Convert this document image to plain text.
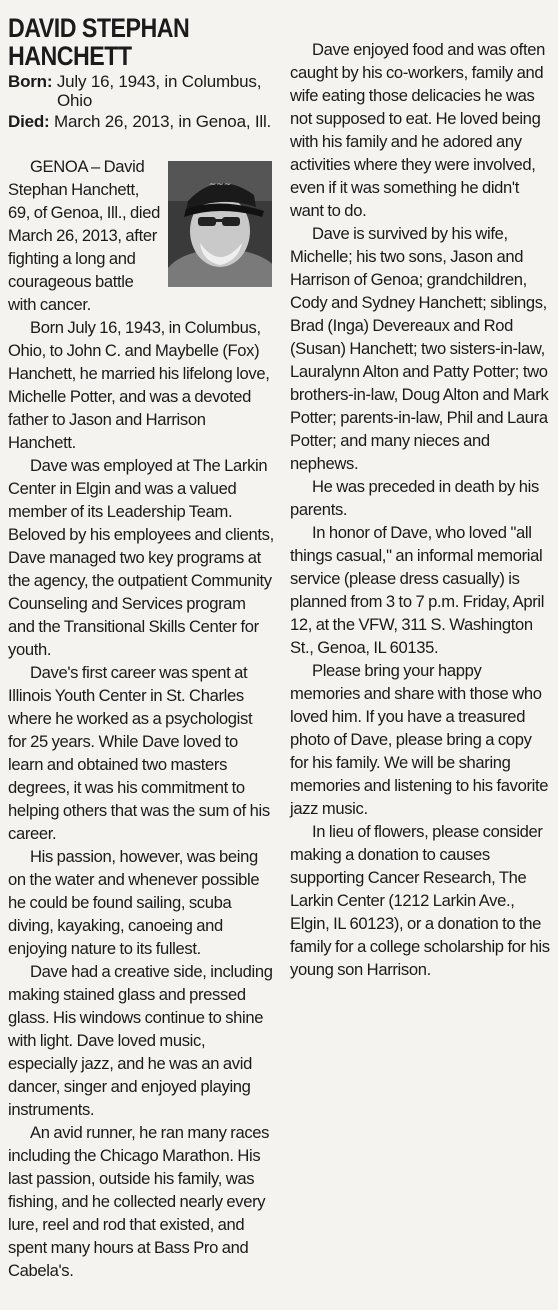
DAVID STEPHAN
HANCHETT
Born: July 16, 1943, in Columbus,
Ohio
Died: March 26, 2013, in Genoa, Ill.
~~~

GENOA – David Stephan Hanchett, 69, of Genoa, Ill., died March 26, 2013, after fighting a long and courageous battle with cancer.

Born July 16, 1943, in Columbus, Ohio, to John C. and Maybelle (Fox) Hanchett, he married his lifelong love, Michelle Potter, and was a devoted father to Jason and Harrison Hanchett.

Dave was employed at The Larkin Center in Elgin and was a valued member of its Leadership Team. Beloved by his employees and clients, Dave managed two key programs at the agency, the outpatient Community Counseling and Services program and the Transitional Skills Center for youth.

Dave's first career was spent at Illinois Youth Center in St. Charles where he worked as a psychologist for 25 years. While Dave loved to learn and obtained two masters degrees, it was his commitment to helping others that was the sum of his career.

His passion, however, was being on the water and whenever possible he could be found sailing, scuba diving, kayaking, canoeing and enjoying nature to its fullest.

Dave had a creative side, including making stained glass and pressed glass. His windows continue to shine with light. Dave loved music, especially jazz, and he was an avid dancer, singer and enjoyed playing instruments.

An avid runner, he ran many races including the Chicago Marathon. His last passion, outside his family, was fishing, and he collected nearly every lure, reel and rod that existed, and spent many hours at Bass Pro and Cabela's.

Dave enjoyed food and was often caught by his co-workers, family and wife eating those delicacies he was not supposed to eat. He loved being with his family and he adored any activities where they were involved, even if it was something he didn't want to do.

Dave is survived by his wife, Michelle; his two sons, Jason and Harrison of Genoa; grandchildren, Cody and Sydney Hanchett; siblings, Brad (Inga) Devereaux and Rod (Susan) Hanchett; two sisters-in-law, Lauralynn Alton and Patty Potter; two brothers-in-law, Doug Alton and Mark Potter; parents-in-law, Phil and Laura Potter; and many nieces and nephews.

He was preceded in death by his parents.

In honor of Dave, who loved "all things casual," an informal memorial service (please dress casually) is planned from 3 to 7 p.m. Friday, April 12, at the VFW, 311 S. Washington St., Genoa, IL 60135.

Please bring your happy memories and share with those who loved him. If you have a treasured photo of Dave, please bring a copy for his family. We will be sharing memories and listening to his favorite jazz music.

In lieu of flowers, please consider making a donation to causes supporting Cancer Research, The Larkin Center (1212 Larkin Ave., Elgin, IL 60123), or a donation to the family for a college scholarship for his young son Harrison.
